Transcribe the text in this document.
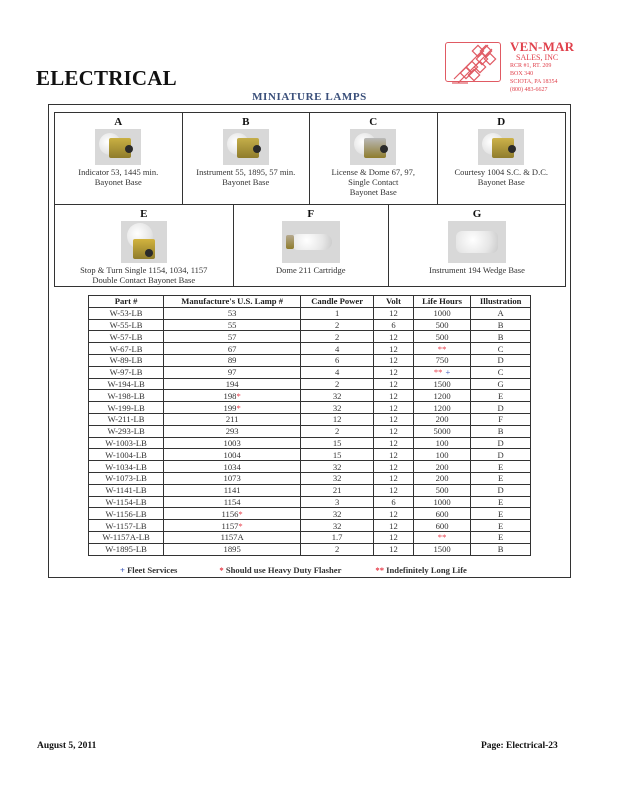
ELECTRICAL
VEN-MAR
SALES, INC
RCR #1, RT. 209
BOX 340
SCIOTA, PA 18354
(800) 483-6627
MINIATURE LAMPS
A
Indicator 53, 1445 min.
Bayonet Base
B
Instrument 55, 1895, 57 min.
Bayonet Base
C
License & Dome 67, 97,
Single Contact
Bayonet Base
D
Courtesy 1004 S.C. & D.C.
Bayonet Base
E
Stop & Turn Single 1154, 1034, 1157
Double Contact Bayonet Base
F
Dome 211 Cartridge
G
Instrument 194 Wedge Base
Part #	Manufacture's U.S. Lamp #	Candle Power	Volt	Life Hours	Illustration
W-53-LB	53	1	12	1000	A
W-55-LB	55	2	6	500	B
W-57-LB	57	2	12	500	B
W-67-LB	67	4	12	**	C
W-89-LB	89	6	12	750	D
W-97-LB	97	4	12	** +	C
W-194-LB	194	2	12	1500	G
W-198-LB	198*	32	12	1200	E
W-199-LB	199*	32	12	1200	D
W-211-LB	211	12	12	200	F
W-293-LB	293	2	12	5000	B
W-1003-LB	1003	15	12	100	D
W-1004-LB	1004	15	12	100	D
W-1034-LB	1034	32	12	200	E
W-1073-LB	1073	32	12	200	E
W-1141-LB	1141	21	12	500	D
W-1154-LB	1154	3	6	1000	E
W-1156-LB	1156*	32	12	600	E
W-1157-LB	1157*	32	12	600	E
W-1157A-LB	1157A	1.7	12	**	E
W-1895-LB	1895	2	12	1500	B
+ Fleet Services	* Should use Heavy Duty Flasher	** Indefinitely Long Life
August 5, 2011	Page: Electrical-23
